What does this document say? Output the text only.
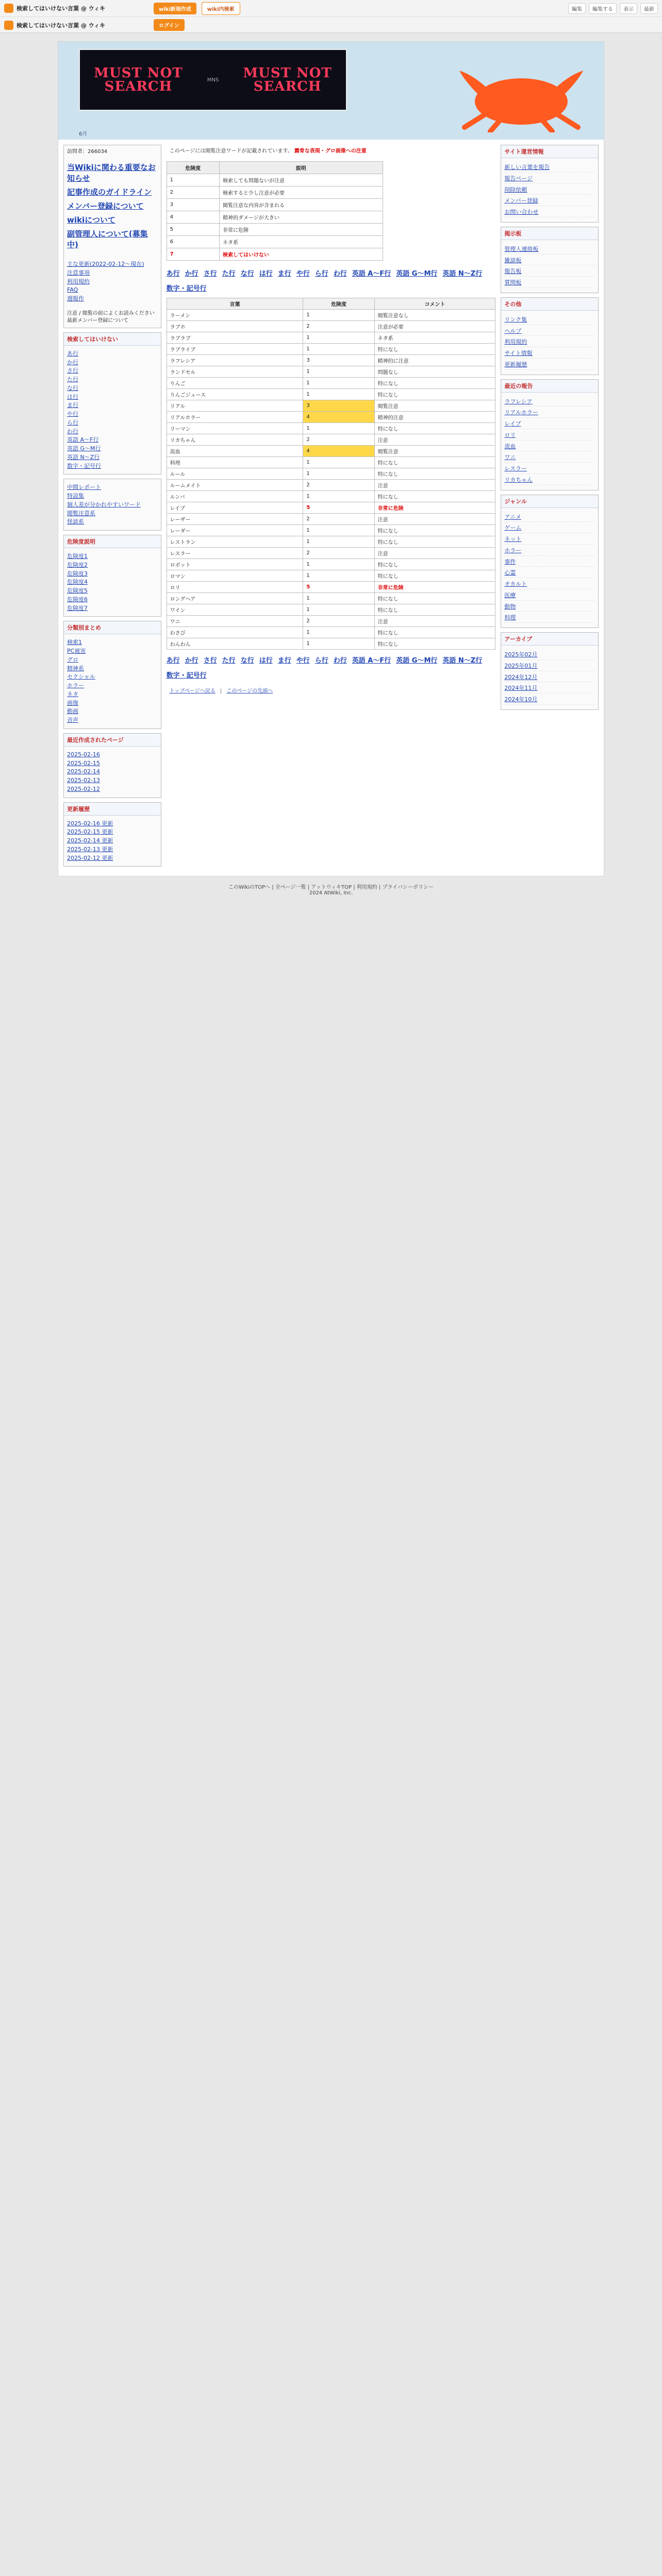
検索してはいけない言葉 @ ウィキ	wiki新規作成	wiki内検索	編集	編集する	表示	最新
検索してはいけない言葉 @ ウィキ	ログイン
MUST NOT SEARCH	MNS	MUST NOT SEARCH
6月
訪問者：266034
当Wikiに関わる重要なお知らせ
記事作成のガイドライン
メンバー登録について
wikiについて
副管理人について(募集中)
主な更新(2022-02-12〜現在)
注意事項
利用規約
FAQ
週報作
注意 / 閲覧の前によくお読みください
最新メンバー登録について
検索してはいけない
あ行
か行
さ行
た行
な行
は行
ま行
や行
ら行
わ行
英語 A〜F行
英語 G〜M行
英語 N〜Z行
数字・記号行
中間レポート
特設集
個人差が分かれやすいワード
閲覧注意系
怪談系
危険度説明
危険度1
危険度2
危険度3
危険度4
危険度5
危険度6
危険度7
分類別まとめ
検索1
PC被害
グロ
精神系
セクシャル
ホラー
ネタ
画像
動画
音声
最近作成されたページ
2025-02-16
2025-02-15
2025-02-14
2025-02-13
2025-02-12
更新履歴
2025-02-16 更新
2025-02-15 更新
2025-02-14 更新
2025-02-13 更新
2025-02-12 更新
このページには閲覧注意ワードが記載されています。 露骨な表現・グロ画像への注意
危険度	説明
1	検索しても問題ないが注意
2	検索すると少し注意が必要
3	閲覧注意な内容が含まれる
4	精神的ダメージが大きい
5	非常に危険
6	ネタ系
7	検索してはいけない
あ行 か行 さ行 た行 な行 は行 ま行 や行 ら行 わ行 英語 A〜F行 英語 G〜M行 英語 N〜Z行
数字・記号行
言葉	危険度	コメント
ラーメン	1	閲覧注意なし
ラブホ	2	注意が必要
ラブラブ	1	ネタ系
ラブライブ	1	特になし
ラフレシア	3	精神的に注意
ランドセル	1	問題なし
りんご	1	特になし
りんごジュース	1	特になし
リアル	3	閲覧注意
リアルホラー	4	精神的注意
リーマン	1	特になし
リカちゃん	2	注意
流血	4	閲覧注意
料理	1	特になし
ルール	1	特になし
ルームメイト	2	注意
ルンバ	1	特になし
レイプ	5	非常に危険
レーザー	2	注意
レーダー	1	特になし
レストラン	1	特になし
レスラー	2	注意
ロボット	1	特になし
ロマン	1	特になし
ロリ	5	非常に危険
ロングヘア	1	特になし
ワイン	1	特になし
ワニ	2	注意
わさび	1	特になし
わんわん	1	特になし
あ行 か行 さ行 た行 な行 は行 ま行 や行 ら行 わ行 英語 A〜F行 英語 G〜M行 英語 N〜Z行
数字・記号行
トップページへ戻る | このページの先頭へ
サイト運営情報
新しい言葉を報告
報告ページ
削除依頼
メンバー登録
お問い合わせ
掲示板
管理人連絡板
雑談板
報告板
質問板
その他
リンク集
ヘルプ
利用規約
サイト情報
更新履歴
最近の報告
ラフレシア
リアルホラー
レイプ
ロリ
流血
ワニ
レスラー
リカちゃん
ジャンル
アニメ
ゲーム
ネット
ホラー
事件
心霊
オカルト
医療
動物
料理
アーカイブ
2025年02月
2025年01月
2024年12月
2024年11月
2024年10月
このWikiのTOPへ | 全ページ一覧 | アットウィキTOP | 利用規約 | プライバシーポリシー
2024 AtWiki, Inc.
